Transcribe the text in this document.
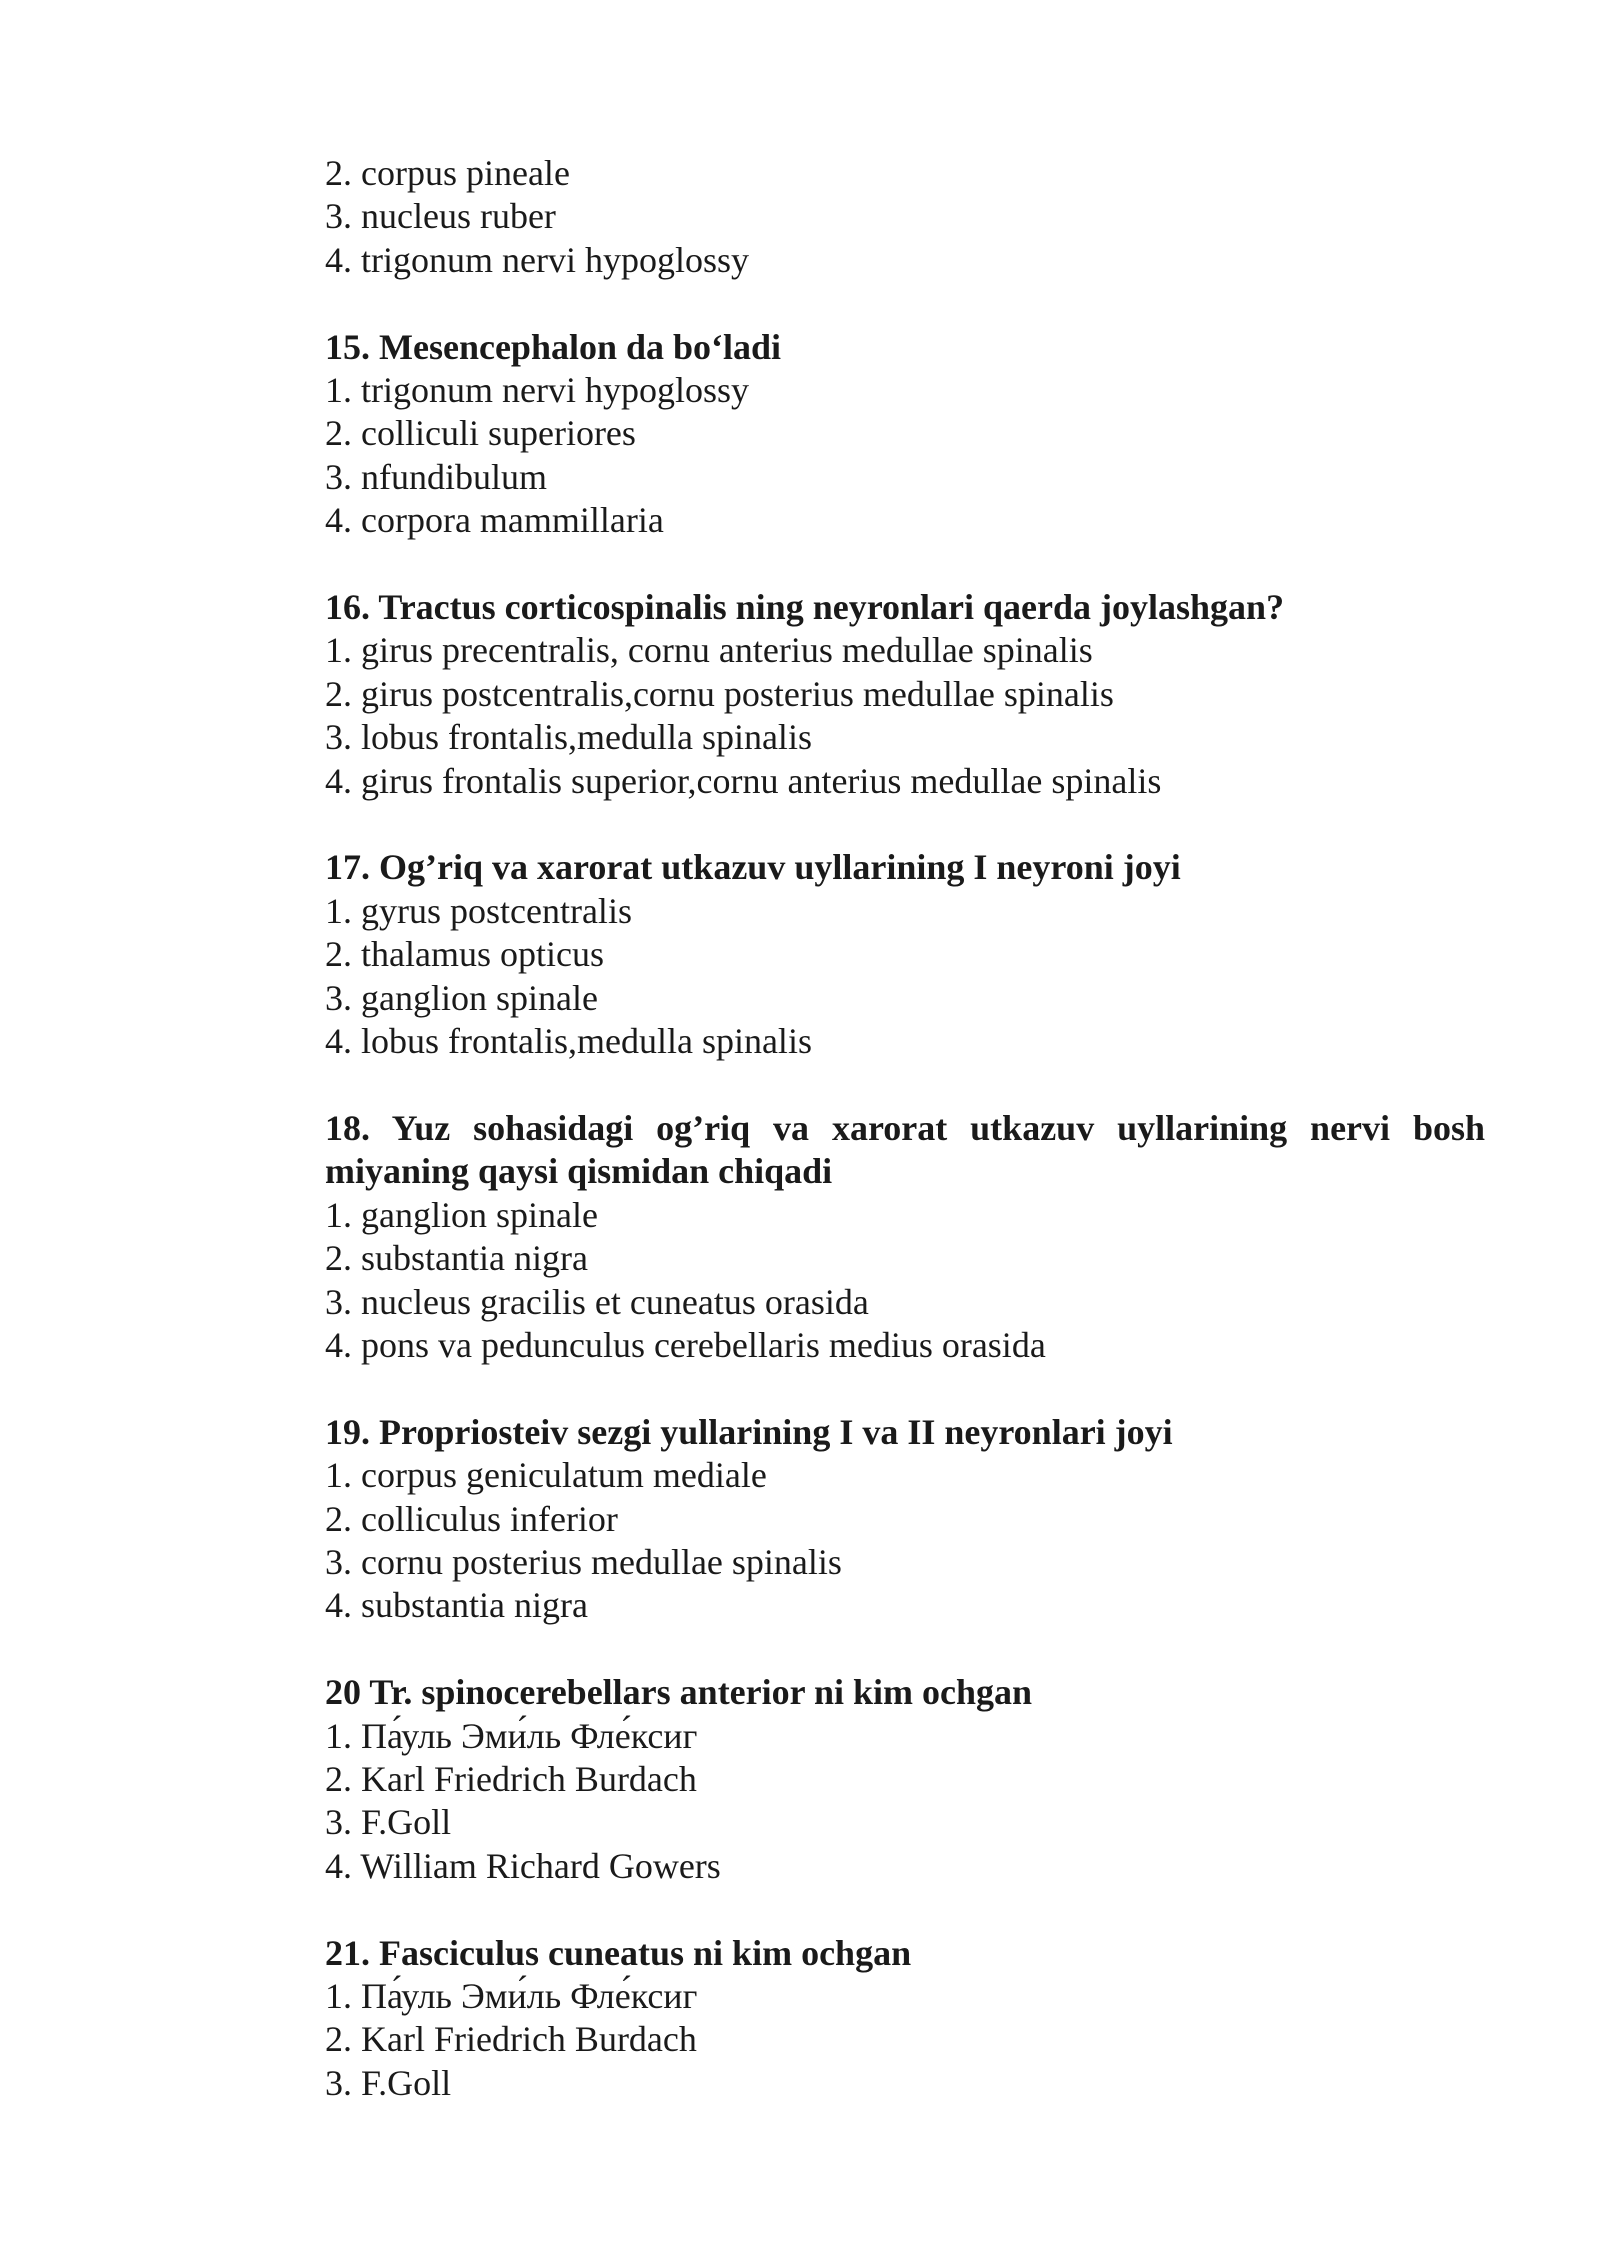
2. corpus pineale
3. nucleus ruber
4. trigonum nervi hypoglossy
15. Mesencephalon da bo‘ladi
1. trigonum nervi hypoglossy
2. colliculi superiores
3. nfundibulum
4. corpora mammillaria
16. Tractus corticospinalis ning neyronlari qaerda joylashgan?
1. girus precentralis, cornu anterius medullae spinalis
2. girus postcentralis,cornu posterius medullae spinalis
3. lobus frontalis,medulla spinalis
4. girus frontalis superior,cornu anterius medullae spinalis
17. Og’riq va xarorat utkazuv uyllarining I neyroni joyi
1. gyrus postcentralis
2. thalamus opticus
3. ganglion spinale
4. lobus frontalis,medulla spinalis
18. Yuz sohasidagi og’riq va xarorat utkazuv uyllarining nervi bosh
miyaning qaysi qismidan chiqadi
1. ganglion spinale
2. substantia nigra
3. nucleus gracilis et cuneatus orasida
4. pons va pedunculus cerebellaris medius orasida
19. Propriosteiv sezgi yullarining I va II neyronlari joyi
1. corpus geniculatum mediale
2. colliculus inferior
3. cornu posterius medullae spinalis
4. substantia nigra
20 Tr. spinocerebellars anterior ni kim ochgan
1. Па́уль Эми́ль Фле́ксиг
2. Karl Friedrich Burdach
3. F.Goll
4. William Richard Gowers
21. Fasciculus cuneatus ni kim ochgan
1. Па́уль Эми́ль Фле́ксиг
2. Karl Friedrich Burdach
3. F.Goll
